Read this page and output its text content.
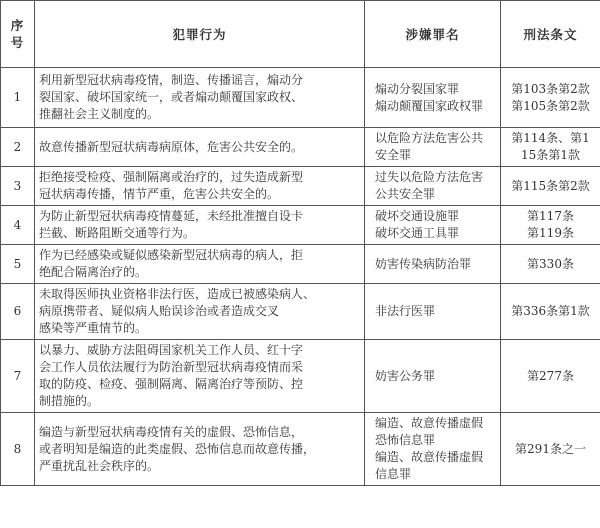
序
号	犯罪行为	涉嫌罪名	刑法条文
1	利用新型冠状病毒疫情，制造、传播谣言，煽动分
裂国家、破坏国家统一，或者煽动颠覆国家政权、
推翻社会主义制度的。	煽动分裂国家罪
煽动颠覆国家政权罪	第103条第2款
第105条第2款

2	故意传播新型冠状病毒病原体，危害公共安全的。	以危险方法危害公共
安全罪	第114条、第1
15条第1款

3	拒绝接受检疫、强制隔离或治疗的，过失造成新型
冠状病毒传播，情节严重，危害公共安全的。	过失以危险方法危害
公共安全罪	第115条第2款

4	为防止新型冠状病毒疫情蔓延，未经批准擅自设卡
拦截、断路阻断交通等行为。	破坏交通设施罪
破坏交通工具罪	第117条
第119条

5	作为已经感染或疑似感染新型冠状病毒的病人，拒
绝配合隔离治疗的。	妨害传染病防治罪	第330条

6	未取得医师执业资格非法行医，造成已被感染病人、
病原携带者、疑似病人贻误诊治或者造成交叉
感染等严重情节的。	非法行医罪	第336条第1款

7	以暴力、威胁方法阻碍国家机关工作人员、红十字
会工作人员依法履行为防治新型冠状病毒疫情而采
取的防疫、检疫、强制隔离、隔离治疗等预防、控
制措施的。	妨害公务罪	第277条

8	编造与新型冠状病毒疫情有关的虚假、恐怖信息，
或者明知是编造的此类虚假、恐怖信息而故意传播，
严重扰乱社会秩序的。	编造、故意传播虚假
恐怖信息罪
编造、故意传播虚假
信息罪	第291条之一
